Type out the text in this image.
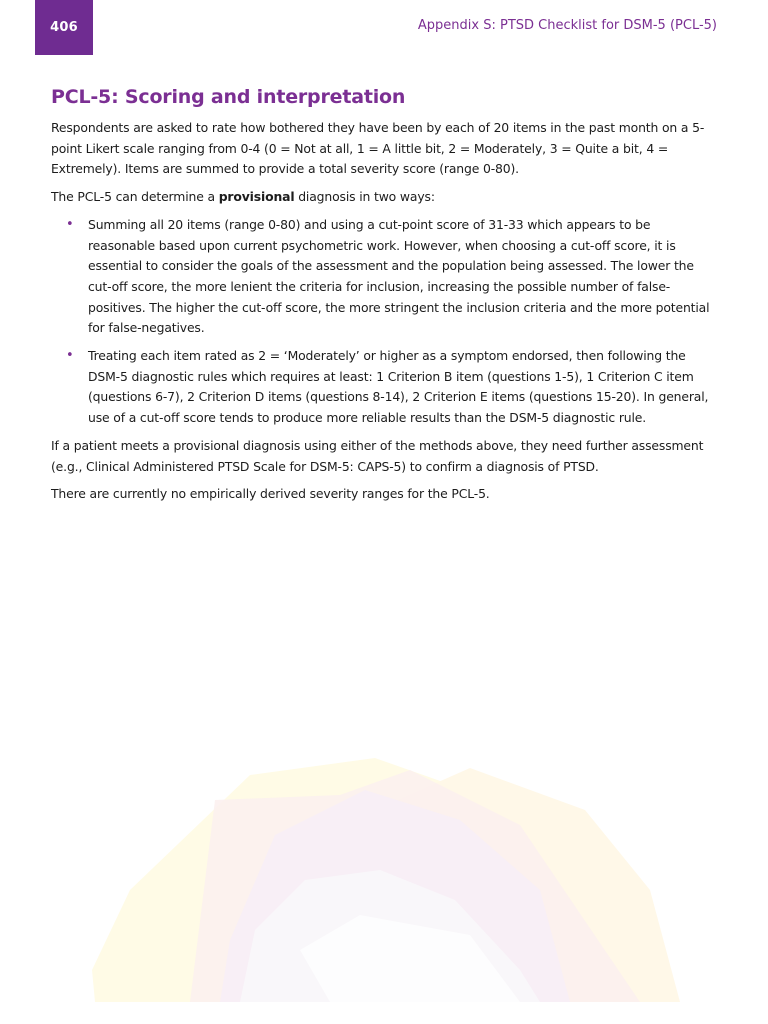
406	Appendix S: PTSD Checklist for DSM-5 (PCL-5)
PCL-5: Scoring and interpretation

Respondents are asked to rate how bothered they have been by each of 20 items in the past month on a 5-point Likert scale ranging from 0-4 (0 = Not at all, 1 = A little bit, 2 = Moderately, 3 = Quite a bit, 4 = Extremely). Items are summed to provide a total severity score (range 0-80).

The PCL-5 can determine a provisional diagnosis in two ways:

• Summing all 20 items (range 0-80) and using a cut-point score of 31-33 which appears to be reasonable based upon current psychometric work. However, when choosing a cut-off score, it is essential to consider the goals of the assessment and the population being assessed. The lower the cut-off score, the more lenient the criteria for inclusion, increasing the possible number of false-positives. The higher the cut-off score, the more stringent the inclusion criteria and the more potential for false-negatives.
• Treating each item rated as 2 = ‘Moderately’ or higher as a symptom endorsed, then following the DSM-5 diagnostic rules which requires at least: 1 Criterion B item (questions 1-5), 1 Criterion C item (questions 6-7), 2 Criterion D items (questions 8-14), 2 Criterion E items (questions 15-20). In general, use of a cut-off score tends to produce more reliable results than the DSM-5 diagnostic rule.

If a patient meets a provisional diagnosis using either of the methods above, they need further assessment (e.g., Clinical Administered PTSD Scale for DSM-5: CAPS-5) to confirm a diagnosis of PTSD.

There are currently no empirically derived severity ranges for the PCL-5.
